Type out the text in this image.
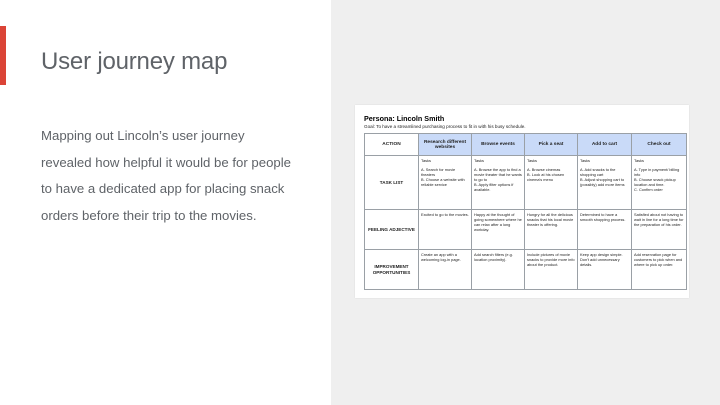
User journey map

Mapping out Lincoln’s user journey revealed how helpful it would be for people to have a dedicated app for placing snack orders before their trip to the movies.

Persona: Lincoln Smith
Goal: To have a streamlined purchasing process to fit in with his busy schedule.
ACTION	Research different websites	Browse events	Pick a seat	Add to cart	Check out
TASK LIST	Tasks
A. Search for movie theaters
B. Choose a website with reliable service	Tasks
A. Browse the app to find a movie theater that he wants to go to
B. Apply filter options if available.	Tasks
A. Browse cinemas
B. Look at his chosen cinema's menu	Tasks
A. Add snacks to the shopping cart
B. Adjust shopping cart to (possibly) add more items	Tasks
A. Type in payment/ billing info
B. Choose snack pickup location and time.
C. Confirm order

FEELING ADJECTIVE	Excited to go to the movies.	Happy at the thought of going somewhere where he can relax after a long workday.	Hungry for all the delicious snacks that his local movie theater is offering.	Determined to have a smooth shopping process.	Satisfied about not having to wait in line for a long time for the preparation of his order.
IMPROVEMENT OPPORTUNITIES	Create an app with a welcoming log-in page.	Add search filters (e.g. location proximity).	Include pictures of movie snacks to provide more info about the product.	Keep app design simple. Don't add unnecessary details.	Add reservation page for customers to pick when and where to pick up order.
